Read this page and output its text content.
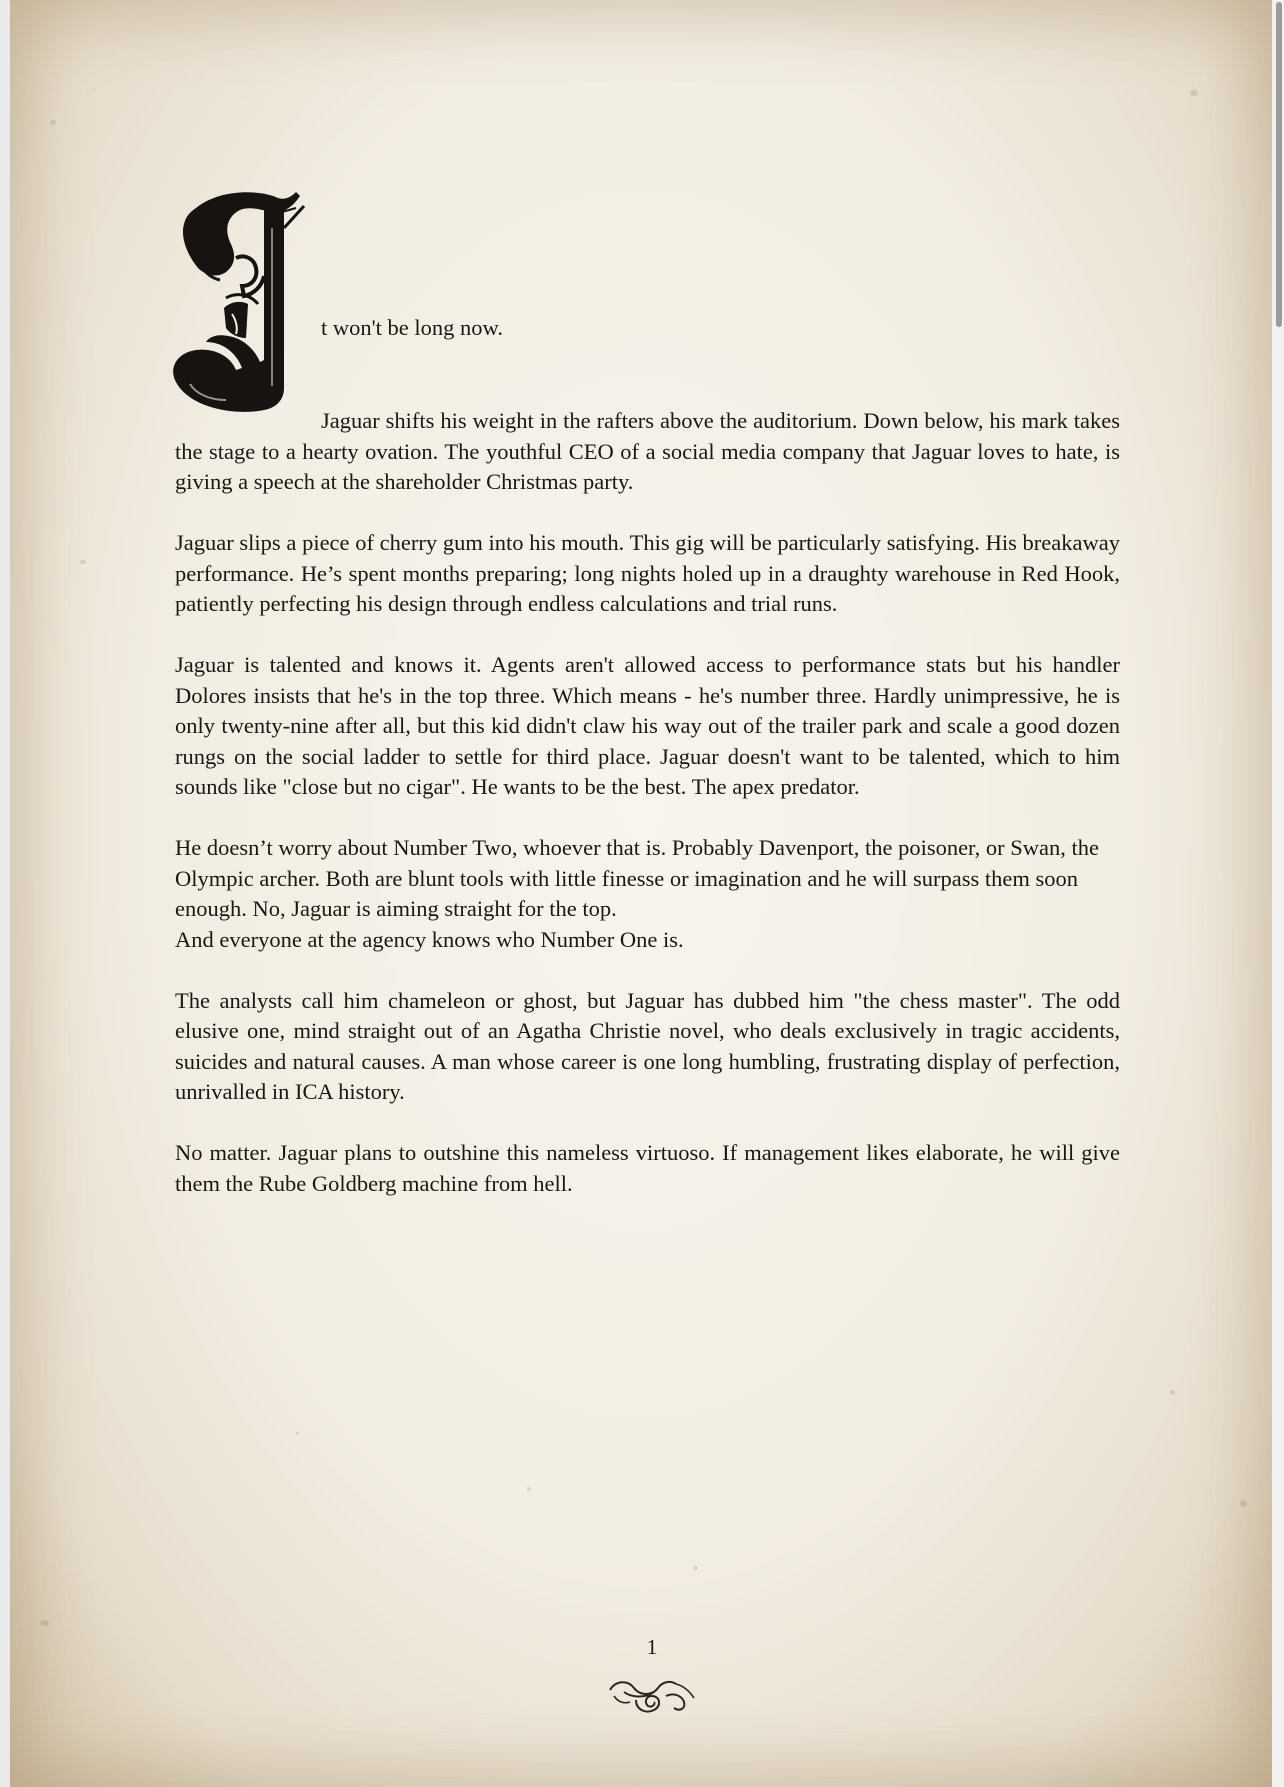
t won't be long now.

Jaguar shifts his weight in the rafters above the auditorium. Down below, his mark takes the stage to a hearty ovation. The youthful CEO of a social media company that Jaguar loves to hate, is giving a speech at the shareholder Christmas party.

Jaguar slips a piece of cherry gum into his mouth. This gig will be particularly satisfying. His breakaway performance. He’s spent months preparing; long nights holed up in a draughty warehouse in Red Hook, patiently perfecting his design through endless calculations and trial runs.

Jaguar is talented and knows it. Agents aren't allowed access to performance stats but his handler Dolores insists that he's in the top three. Which means - he's number three. Hardly unimpressive, he is only twenty-nine after all, but this kid didn't claw his way out of the trailer park and scale a good dozen rungs on the social ladder to settle for third place. Jaguar doesn't want to be talented, which to him sounds like "close but no cigar". He wants to be the best. The apex predator.

He doesn’t worry about Number Two, whoever that is. Probably Davenport, the poisoner, or Swan, the Olympic archer. Both are blunt tools with little finesse or imagination and he will surpass them soon enough. No, Jaguar is aiming straight for the top.

And everyone at the agency knows who Number One is.

The analysts call him chameleon or ghost, but Jaguar has dubbed him "the chess master". The odd elusive one, mind straight out of an Agatha Christie novel, who deals exclusively in tragic accidents, suicides and natural causes. A man whose career is one long humbling, frustrating display of perfection, unrivalled in ICA history.

No matter. Jaguar plans to outshine this nameless virtuoso. If management likes elaborate, he will give them the Rube Goldberg machine from hell.

1
